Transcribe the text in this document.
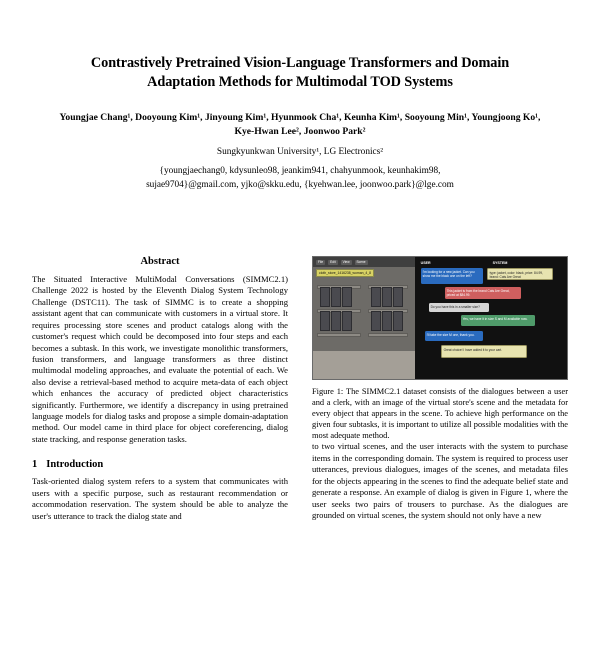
Contrastively Pretrained Vision-Language Transformers and Domain Adaptation Methods for Multimodal TOD Systems
Youngjae Chang¹, Dooyoung Kim¹, Jinyoung Kim¹, Hyunmook Cha¹, Keunha Kim¹, Sooyoung Min¹, Youngjoong Ko¹, Kye-Hwan Lee², Joonwoo Park²
Sungkyunkwan University¹, LG Electronics²
{youngjaechang0, kdysunleo98, jeankim941, chahyunmook, keunhakim98,
sujae9704}@gmail.com, yjko@skku.edu, {kyehwan.lee, joonwoo.park}@lge.com
Abstract

The Situated Interactive MultiModal Conversations (SIMMC2.1) Challenge 2022 is hosted by the Eleventh Dialog System Technology Challenge (DSTC11). The task of SIMMC is to create a shopping assistant agent that can communicate with customers in a virtual store. It requires processing store scenes and product catalogs along with the customer's request which could be decomposed into four steps and each becomes a subtask. In this work, we investigate monolithic transformers, fusion transformers, and language transformers as three distinct multimodal modeling approaches, and evaluate the potential of each. We also devise a retrieval-based method to acquire meta-data of each object which enhances the accuracy of predicted object characteristics significantly. Furthermore, we identify a discrepancy in using pretrained language models for dialog tasks and propose a simple domain-adaptation method. Our model came in third place for object coreferencing, dialog state tracking, and response generation tasks.

1 Introduction

Task-oriented dialog system refers to a system that communicates with users with a specific purpose, such as restaurant recommendation or accommodation reservation. The system should be able to analyze the user's utterance to track the dialog state and

File	Edit	View	Scene
cloth_store_1416238_woman_4_8
USER
I'm looking for a new jacket. Can you show me the black one on the left?
type: jacket, color: black, price: 84.99, brand: Cats Are Great
This jacket is from the brand Cats Are Great, priced at $84.99.
Do you have this in a smaller size?
Yes, we have it in size S and M available now.
I'll take the size M one, thank you.
Great choice! I have added it to your cart.
SYSTEM
Figure 1: The SIMMC2.1 dataset consists of the dialogues between a user and a clerk, with an image of the virtual store's scene and the metadata for every object that appears in the scene. To achieve high performance on the given four subtasks, it is important to utilize all possible modalities with the most adequate method.

to two virtual scenes, and the user interacts with the system to purchase items in the corresponding domain. The system is required to process user utterances, previous dialogues, images of the scenes, and metadata files for the objects appearing in the scenes to find the adequate belief state and generate a response. An example of dialog is given in Figure 1, where the user seeks two pairs of trousers to purchase. As the dialogues are grounded on virtual scenes, the system should not only have a new
